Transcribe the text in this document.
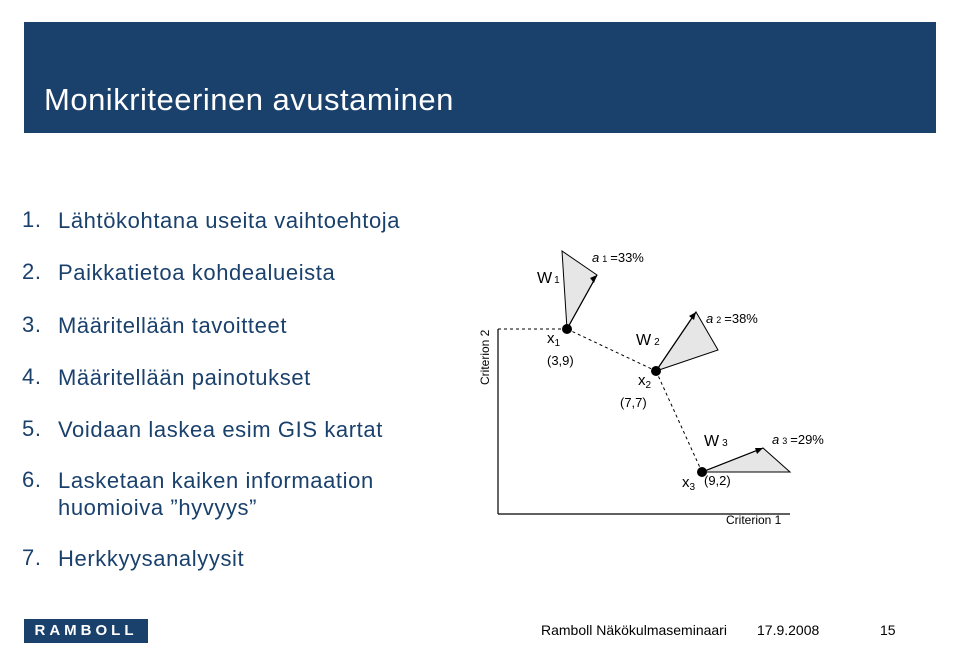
Monikriteerinen avustaminen
1. Lähtökohtana useita vaihtoehtoja
2. Paikkatietoa kohdealueista
3. Määritellään tavoitteet
4. Määritellään painotukset
5. Voidaan laskea esim GIS kartat
6. Lasketaan kaiken informaation
huomioiva ”hyvyys”
7. Herkkyysanalyysit
Criterion 2
Criterion 1
$x_1$
(3,9)
$x_2$
(7,7)
$x_3$ (9,2)
W 1
a 1 =33%
W 2
a 2 =38%
W 3	a 3 =29%
RAMBOLL	Ramboll Näkökulmaseminaari 17.9.2008	15
